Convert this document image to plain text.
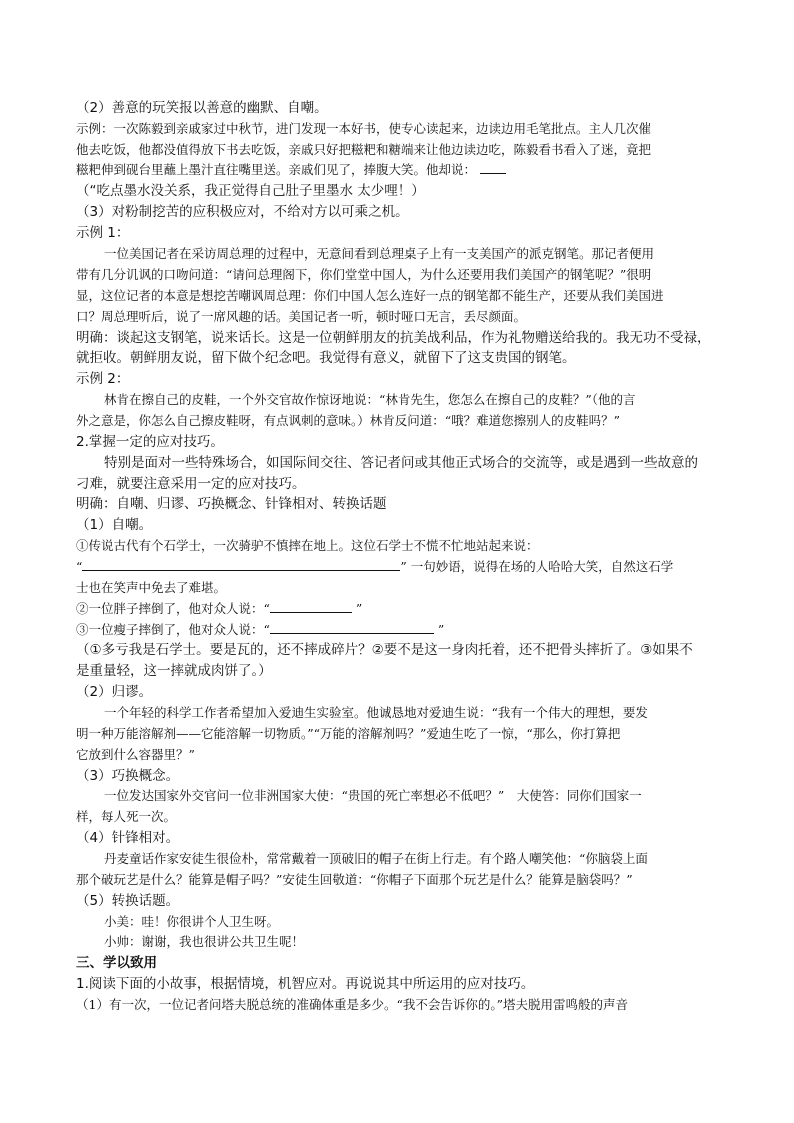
（2）善意的玩笑报以善意的幽默、自嘲。
示例：一次陈毅到亲戚家过中秋节，进门发现一本好书，使专心读起来，边读边用毛笔批点。主人几次催
他去吃饭，他都没值得放下书去吃饭，亲戚只好把糍粑和糖端来让他边读边吃，陈毅看书看入了迷，竟把
糍粑伸到砚台里蘸上墨汁直往嘴里送。亲戚们见了，捧腹大笑。他却说：
（“吃点墨水没关系，我正觉得自己肚子里墨水 太少哩！）
（3）对粉制挖苦的应积极应对，不给对方以可乘之机。
示例 1：
一位美国记者在采访周总理的过程中，无意间看到总理桌子上有一支美国产的派克钢笔。那记者便用
带有几分讥讽的口吻问道：“请问总理阁下，你们堂堂中国人，为什么还要用我们美国产的钢笔呢？”很明
显，这位记者的本意是想挖苦嘲讽周总理：你们中国人怎么连好一点的钢笔都不能生产，还要从我们美国进
口？周总理听后，说了一席风趣的话。美国记者一听，顿时哑口无言，丢尽颜面。
明确：谈起这支钢笔，说来话长。这是一位朝鲜朋友的抗美战利品，作为礼物赠送给我的。我无功不受禄，
就拒收。朝鲜朋友说，留下做个纪念吧。我觉得有意义，就留下了这支贵国的钢笔。
示例 2：
林肯在擦自己的皮鞋，一个外交官故作惊讶地说：“林肯先生，您怎么在擦自己的皮鞋？”（他的言
外之意是，你怎么自己擦皮鞋呀，有点讽刺的意味。）林肯反问道：“哦？难道您擦别人的皮鞋吗？”
2.掌握一定的应对技巧。
特别是面对一些特殊场合，如国际间交往、答记者问或其他正式场合的交流等，或是遇到一些故意的
刁难，就要注意采用一定的应对技巧。
明确：自嘲、归谬、巧换概念、针锋相对、转换话题
（1）自嘲。
①传说古代有个石学士，一次骑驴不慎摔在地上。这位石学士不慌不忙地站起来说：
“	” 一句妙语，说得在场的人哈哈大笑，自然这石学
士也在笑声中免去了难堪。
②一位胖子摔倒了，他对众人说：“	”
③一位瘦子摔倒了，他对众人说：“	”
（①多亏我是石学士。要是瓦的，还不摔成碎片？②要不是这一身肉托着，还不把骨头摔折了。③如果不
是重量轻，这一摔就成肉饼了。）
（2）归谬。
一个年轻的科学工作者希望加入爱迪生实验室。他诚恳地对爱迪生说：“我有一个伟大的理想，要发
明一种万能溶解剂——它能溶解一切物质。”“万能的溶解剂吗？”爱迪生吃了一惊，“那么，你打算把
它放到什么容器里？”
（3）巧换概念。
一位发达国家外交官问一位非洲国家大使：“贵国的死亡率想必不低吧？”　大使答：同你们国家一
样，每人死一次。
（4）针锋相对。
丹麦童话作家安徒生很俭朴，常常戴着一顶破旧的帽子在街上行走。有个路人嘲笑他：“你脑袋上面
那个破玩艺是什么？能算是帽子吗？”安徒生回敬道：“你帽子下面那个玩艺是什么？能算是脑袋吗？”
（5）转换话题。
小美：哇！你很讲个人卫生呀。
小帅：谢谢，我也很讲公共卫生呢！
三、学以致用
1.阅读下面的小故事，根据情境，机智应对。再说说其中所运用的应对技巧。
（1）有一次，一位记者问塔夫脱总统的准确体重是多少。“我不会告诉你的。”塔夫脱用雷鸣般的声音
